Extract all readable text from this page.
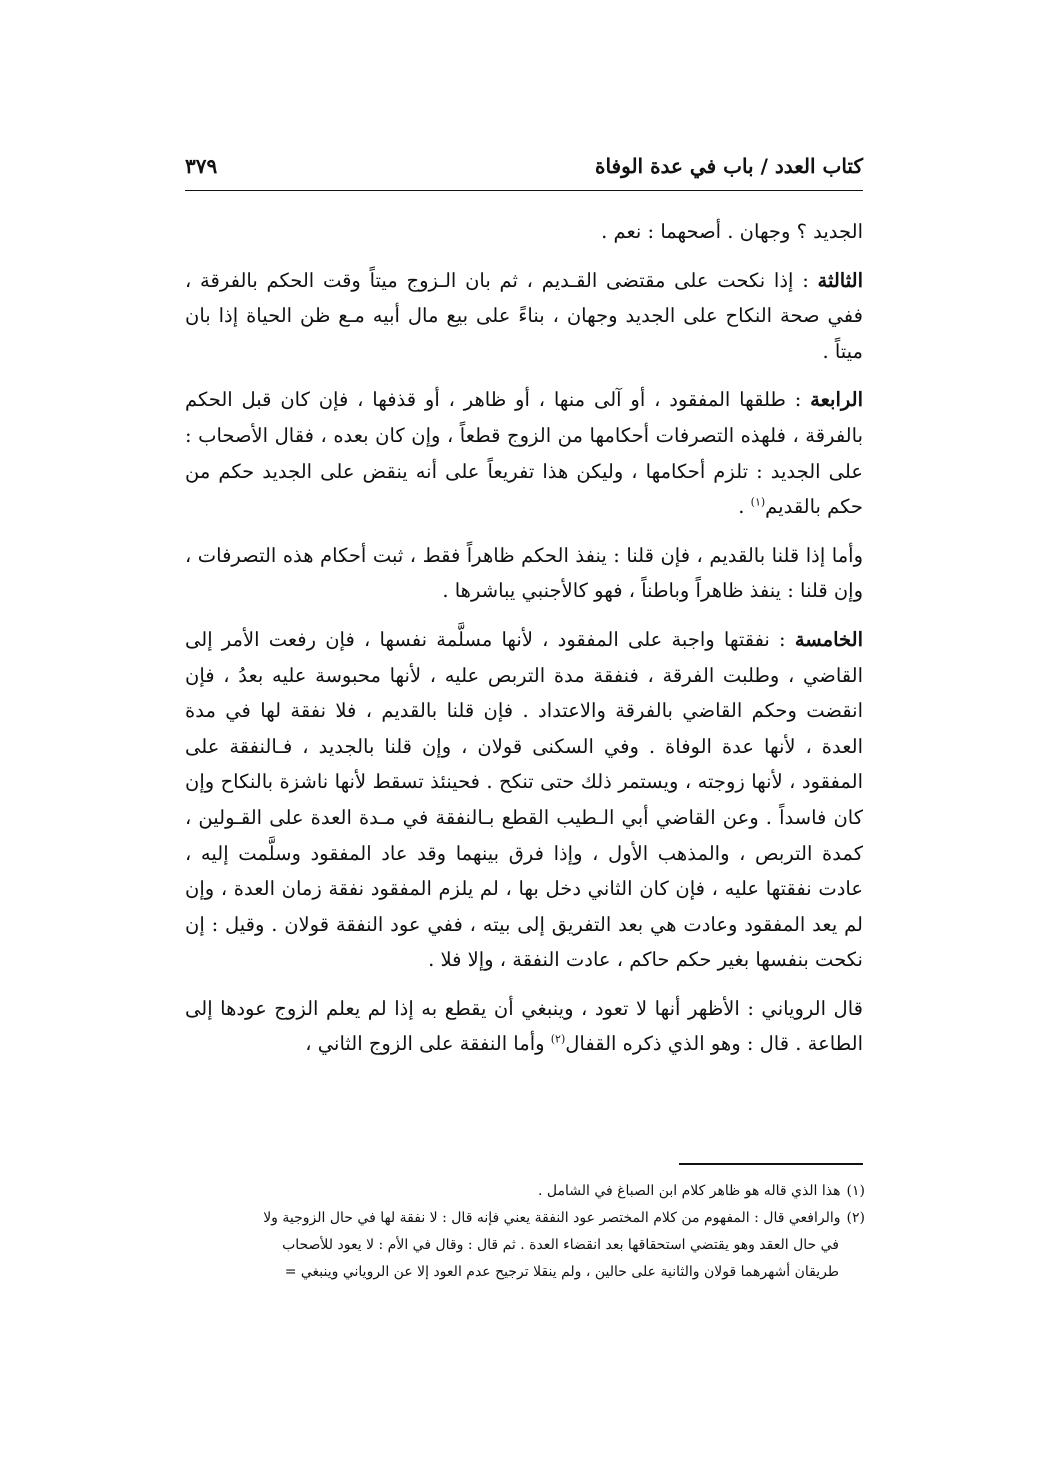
كتاب العدد / باب في عدة الوفاة
٣٧٩

الجديد ؟ وجهان . أصحهما : نعم .

الثالثة : إذا نكحت على مقتضى القـديم ، ثم بان الـزوج ميتاً وقت الحكم بالفرقة ، ففي صحة النكاح على الجديد وجهان ، بناءً على بيع مال أبيه مـع ظن الحياة إذا بان ميتاً .

الرابعة : طلقها المفقود ، أو آلى منها ، أو ظاهر ، أو قذفها ، فإن كان قبل الحكم بالفرقة ، فلهذه التصرفات أحكامها من الزوج قطعاً ، وإن كان بعده ، فقال الأصحاب : على الجديد : تلزم أحكامها ، وليكن هذا تفريعاً على أنه ينقض على الجديد حكم من حكم بالقديم$^{(١)}$ .

وأما إذا قلنا بالقديم ، فإن قلنا : ينفذ الحكم ظاهراً فقط ، ثبت أحكام هذه التصرفات ، وإن قلنا : ينفذ ظاهراً وباطناً ، فهو كالأجنبي يباشرها .

الخامسة : نفقتها واجبة على المفقود ، لأنها مسلَّمة نفسها ، فإن رفعت الأمر إلى القاضي ، وطلبت الفرقة ، فنفقة مدة التربص عليه ، لأنها محبوسة عليه بعدُ ، فإن انقضت وحكم القاضي بالفرقة والاعتداد . فإن قلنا بالقديم ، فلا نفقة لها في مدة العدة ، لأنها عدة الوفاة . وفي السكنى قولان ، وإن قلنا بالجديد ، فـالنفقة على المفقود ، لأنها زوجته ، ويستمر ذلك حتى تنكح . فحينئذ تسقط لأنها ناشزة بالنكاح وإن كان فاسداً . وعن القاضي أبي الـطيب القطع بـالنفقة في مـدة العدة على القـولين ، كمدة التربص ، والمذهب الأول ، وإذا فرق بينهما وقد عاد المفقود وسلَّمت إليه ، عادت نفقتها عليه ، فإن كان الثاني دخل بها ، لم يلزم المفقود نفقة زمان العدة ، وإن لم يعد المفقود وعادت هي بعد التفريق إلى بيته ، ففي عود النفقة قولان . وقيل : إن نكحت بنفسها بغير حكم حاكم ، عادت النفقة ، وإلا فلا .

قال الروياني : الأظهر أنها لا تعود ، وينبغي أن يقطع به إذا لم يعلم الزوج عودها إلى الطاعة . قال : وهو الذي ذكره القفال$^{(٢)}$ وأما النفقة على الزوج الثاني ،

(١)هذا الذي قاله هو ظاهر كلام ابن الصباغ في الشامل .

(٢)والرافعي قال : المفهوم من كلام المختصر عود النفقة يعني فإنه قال : لا نفقة لها في حال الزوجية ولا
في حال العقد وهو يقتضي استحقاقها بعد انقضاء العدة . ثم قال : وقال في الأم : لا يعود للأصحاب
طريقان أشهرهما قولان والثانية على حالين ، ولم ينقلا ترجيح عدم العود إلا عن الروياني وينبغي =
